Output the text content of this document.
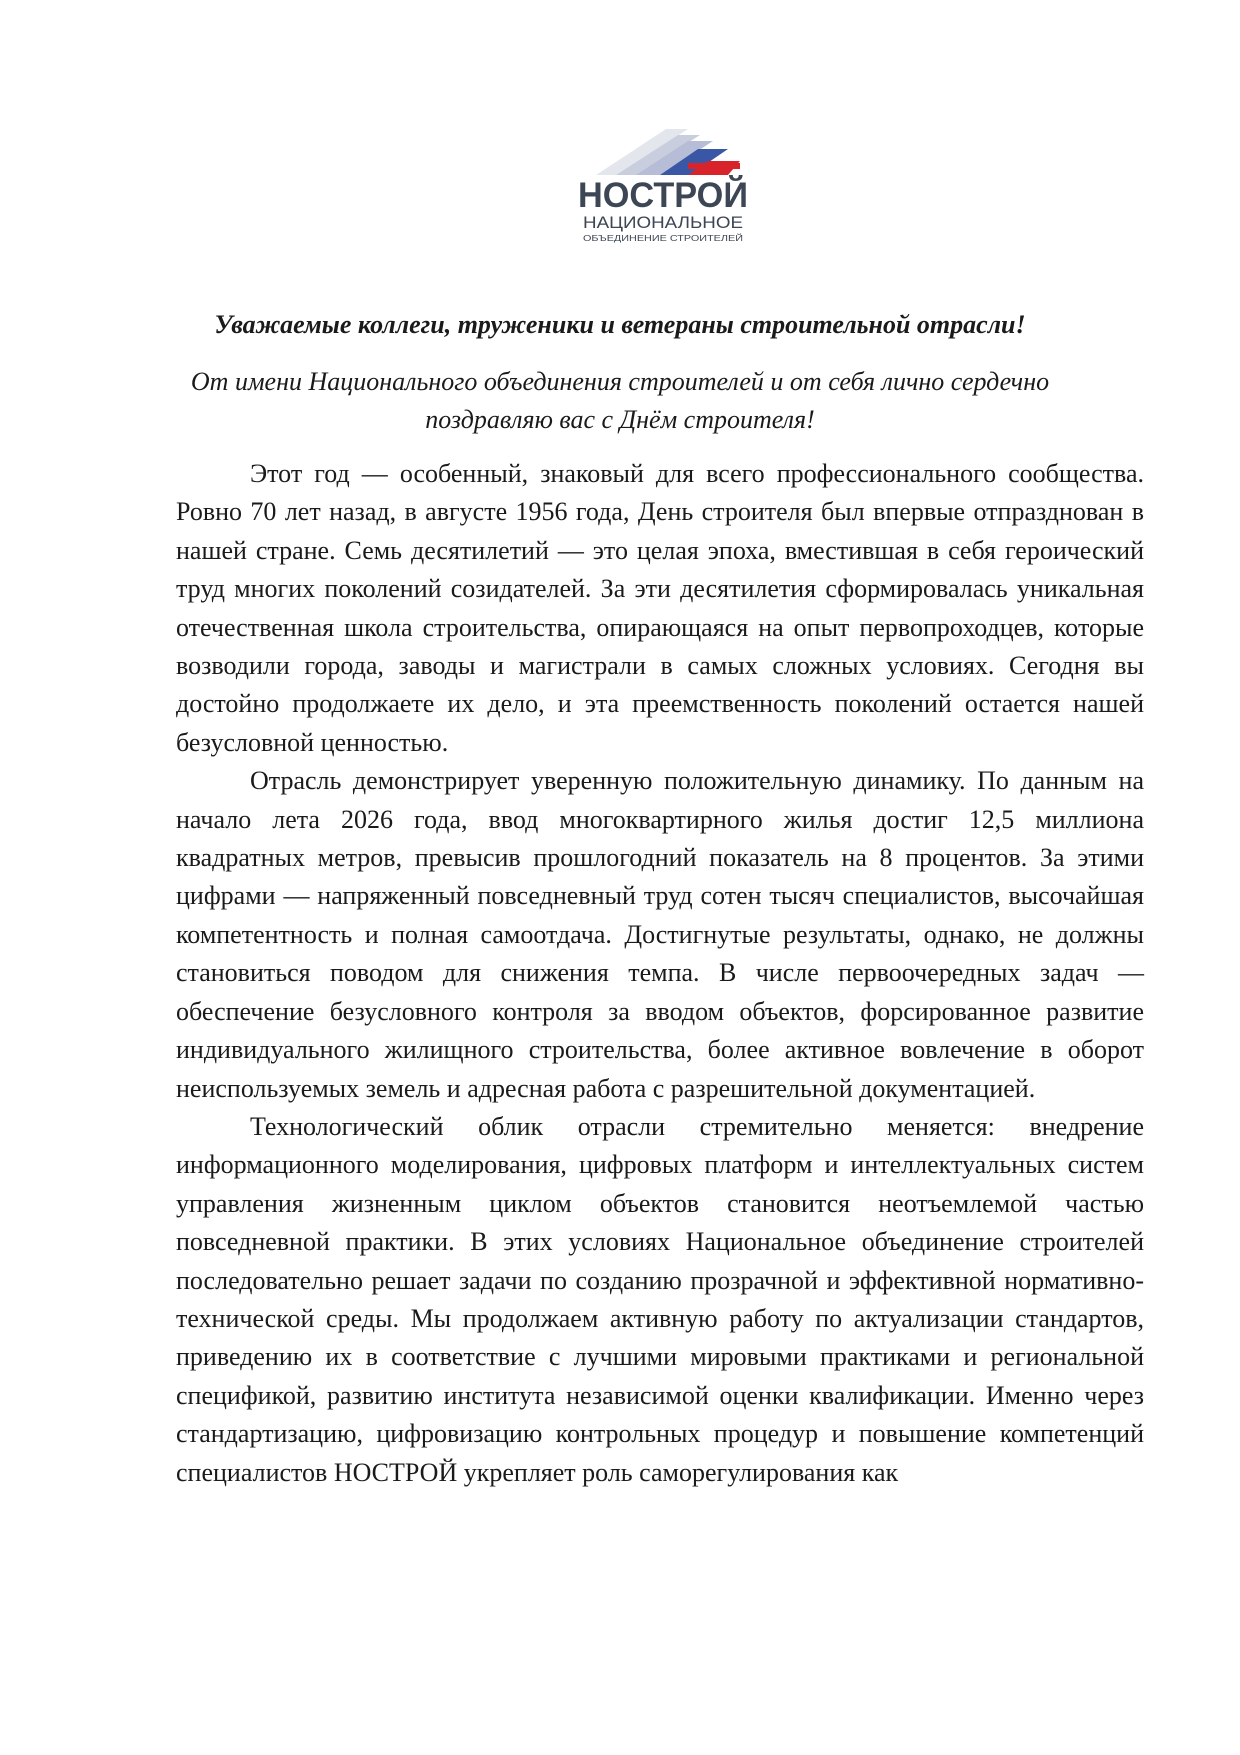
НОСТРОЙ
НАЦИОНАЛЬНОЕ
ОБЪЕДИНЕНИЕ СТРОИТЕЛЕЙ

Уважаемые коллеги, труженики и ветераны строительной отрасли!

От имени Национального объединения строителей и от себя лично сердечно поздравляю вас с Днём строителя!

Этот год — особенный, знаковый для всего профессионального сообщества. Ровно 70 лет назад, в августе 1956 года, День строителя был впервые отпразднован в нашей стране. Семь десятилетий — это целая эпоха, вместившая в себя героический труд многих поколений созидателей. За эти десятилетия сформировалась уникальная отечественная школа строительства, опирающаяся на опыт первопроходцев, которые возводили города, заводы и магистрали в самых сложных условиях. Сегодня вы достойно продолжаете их дело, и эта преемственность поколений остается нашей безусловной ценностью.

Отрасль демонстрирует уверенную положительную динамику. По данным на начало лета 2026 года, ввод многоквартирного жилья достиг 12,5 миллиона квадратных метров, превысив прошлогодний показатель на 8 процентов. За этими цифрами — напряженный повседневный труд сотен тысяч специалистов, высочайшая компетентность и полная самоотдача. Достигнутые результаты, однако, не должны становиться поводом для снижения темпа. В числе первоочередных задач — обеспечение безусловного контроля за вводом объектов, форсированное развитие индивидуального жилищного строительства, более активное вовлечение в оборот неиспользуемых земель и адресная работа с разрешительной документацией.

Технологический облик отрасли стремительно меняется: внедрение информационного моделирования, цифровых платформ и интеллектуальных систем управления жизненным циклом объектов становится неотъемлемой частью повседневной практики. В этих условиях Национальное объединение строителей последовательно решает задачи по созданию прозрачной и эффективной нормативно-технической среды. Мы продолжаем активную работу по актуализации стандартов, приведению их в соответствие с лучшими мировыми практиками и региональной спецификой, развитию института независимой оценки квалификации. Именно через стандартизацию, цифровизацию контрольных процедур и повышение компетенций специалистов НОСТРОЙ укрепляет роль саморегулирования как
